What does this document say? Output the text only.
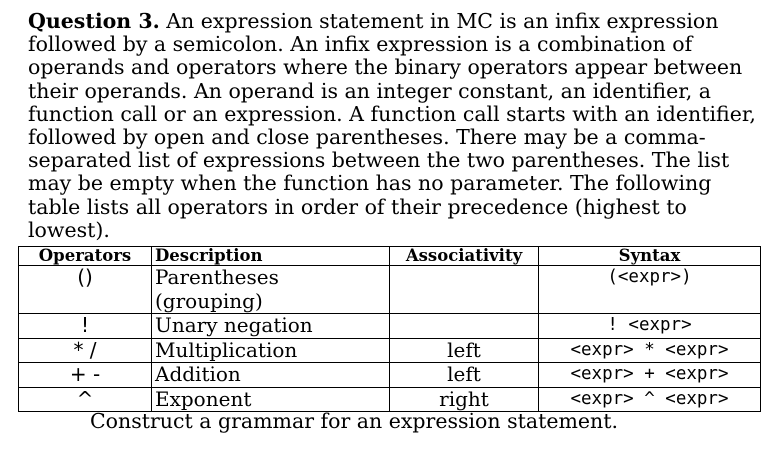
Question 3. An expression statement in MC is an infix expression followed by a semicolon. An infix expression is a combination of operands and operators where the binary operators appear between their operands. An operand is an integer constant, an identifier, a function call or an expression. A function call starts with an identifier, followed by open and close parentheses. There may be a comma-separated list of expressions between the two parentheses. The list may be empty when the function has no parameter. The following table lists all operators in order of their precedence (highest to lowest).

Operators	Description	Associativity	Syntax
()	Parentheses (grouping)		(<expr>)
!	Unary negation		! <expr>
* /	Multiplication	left	<expr> * <expr>
+ -	Addition	left	<expr> + <expr>
^	Exponent	right	<expr> ^ <expr>

Construct a grammar for an expression statement.
